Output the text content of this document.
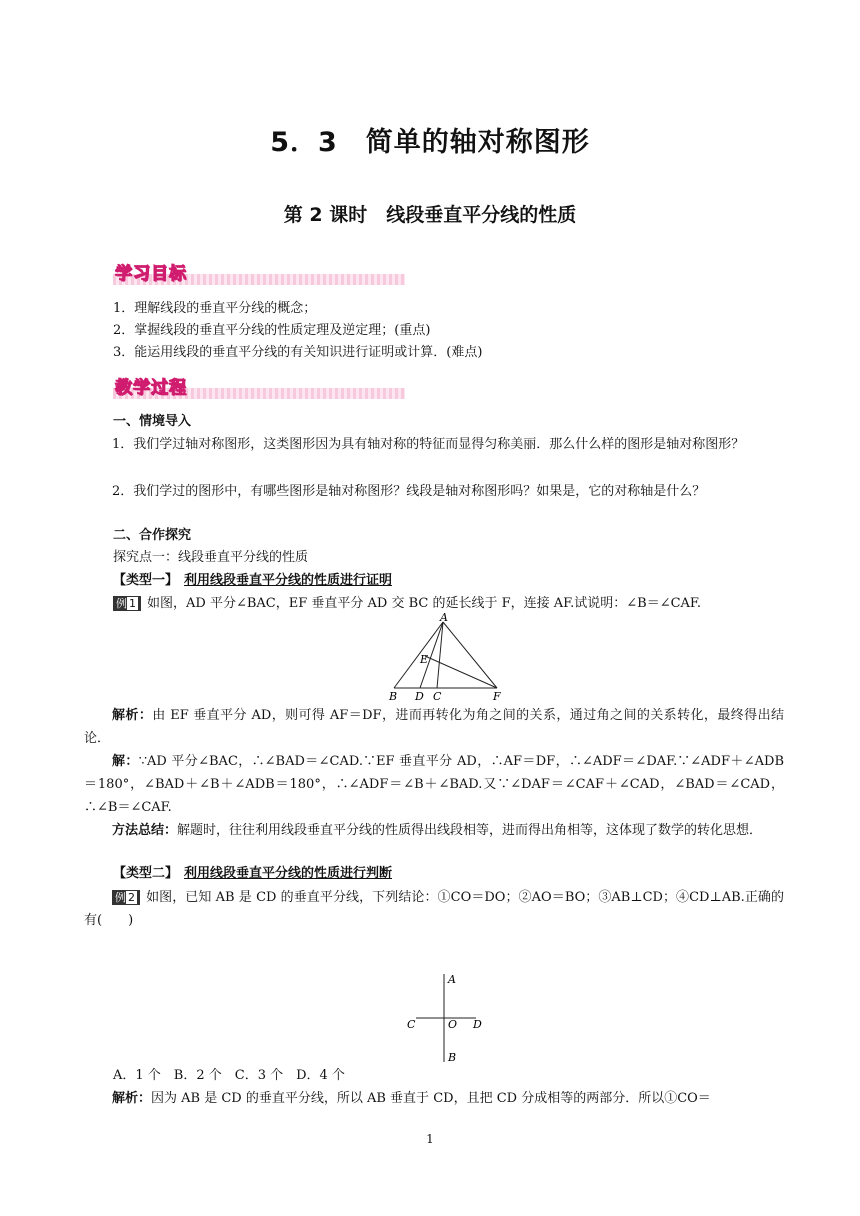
5．3　简单的轴对称图形
第 2 课时　线段垂直平分线的性质
学习目标
1．理解线段的垂直平分线的概念；
2．掌握线段的垂直平分线的性质定理及逆定理；(重点)
3．能运用线段的垂直平分线的有关知识进行证明或计算．(难点)
教学过程
一、情境导入
1．我们学过轴对称图形，这类图形因为具有轴对称的特征而显得匀称美丽．那么什么样的图形是轴对称图形？
2．我们学过的图形中，有哪些图形是轴对称图形？线段是轴对称图形吗？如果是，它的对称轴是什么？
二、合作探究
探究点一：线段垂直平分线的性质
【类型一】 利用线段垂直平分线的性质进行证明
例 1 如图，AD 平分∠BAC，EF 垂直平分 AD 交 BC 的延长线于 F，连接 AF.试说明：∠B＝∠CAF.
A
E
B D C	F
解析：由 EF 垂直平分 AD，则可得 AF＝DF，进而再转化为角之间的关系，通过角之间的关系转化，最终得出结论．
解：∵AD 平分∠BAC，∴∠BAD＝∠CAD.∵EF 垂直平分 AD，∴AF＝DF，∴∠ADF＝∠DAF.∵∠ADF＋∠ADB＝180°，∠BAD＋∠B＋∠ADB＝180°，∴∠ADF＝∠B＋∠BAD.又∵∠DAF＝∠CAF＋∠CAD，∠BAD＝∠CAD，∴∠B＝∠CAF.
方法总结：解题时，往往利用线段垂直平分线的性质得出线段相等，进而得出角相等，这体现了数学的转化思想．
【类型二】 利用线段垂直平分线的性质进行判断
例 2 如图，已知 AB 是 CD 的垂直平分线，下列结论：①CO＝DO；②AO＝BO；③AB⊥CD；④CD⊥AB.正确的有(　　)
A
B
C	O D
A．1 个　B．2 个　C．3 个　D．4 个
解析：因为 AB 是 CD 的垂直平分线，所以 AB 垂直于 CD，且把 CD 分成相等的两部分．所以①CO＝
1
